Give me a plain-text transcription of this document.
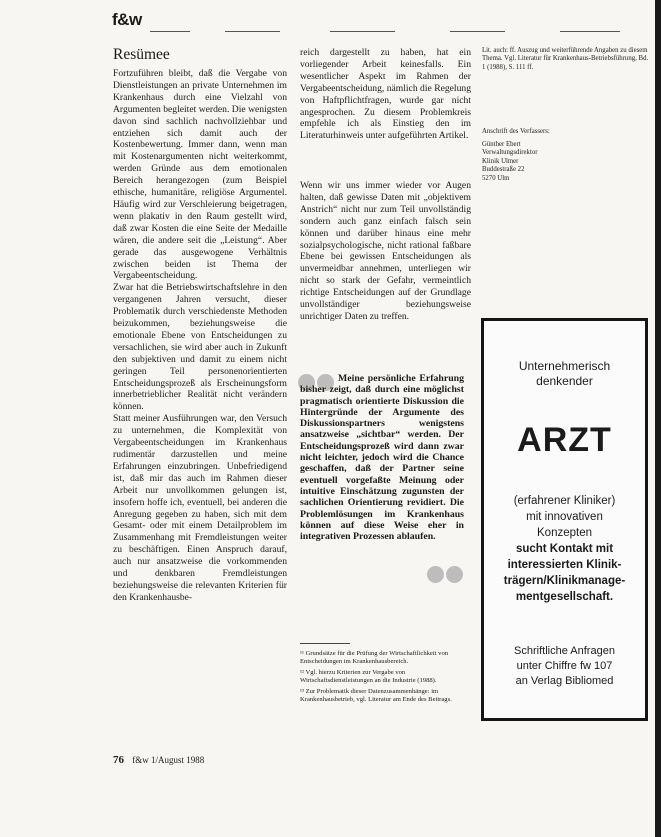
f&w
Resümee

Fortzuführen bleibt, daß die Vergabe von Dienstleistungen an private Unternehmen im Krankenhaus durch eine Vielzahl von Argumenten begleitet werden. Die wenigsten davon sind sachlich nachvollziehbar und entziehen sich damit auch der Kostenbewertung. Immer dann, wenn man mit Kostenargumenten nicht weiterkommt, werden Gründe aus dem emotionalen Bereich herangezogen (zum Beispiel ethische, humanitäre, religiöse Argumentel. Häufig wird zur Verschleierung beigetragen, wenn plakativ in den Raum gestellt wird, daß zwar Kosten die eine Seite der Medaille wären, die andere seit die „Leistung“. Aber gerade das ausgewogene Verhältnis zwischen beiden ist Thema der Vergabeentscheidung.

Zwar hat die Betriebswirtschaftslehre in den vergangenen Jahren versucht, dieser Problematik durch verschiedenste Methoden beizukommen, beziehungsweise die emotionale Ebene von Entscheidungen zu versachlichen, sie wird aber auch in Zukunft den subjektiven und damit zu einem nicht geringen Teil personenorientierten Entscheidungsprozeß als Erscheinungsform innerbetrieblicher Realität nicht verändern können.

Statt meiner Ausführungen war, den Versuch zu unternehmen, die Komplexität von Vergabeentscheidungen im Krankenhaus rudimentär darzustellen und meine Erfahrungen einzubringen. Unbefriedigend ist, daß mir das auch im Rahmen dieser Arbeit nur unvollkommen gelungen ist, insofern hoffe ich, eventuell, bei anderen die Anregung gegeben zu haben, sich mit dem Gesamt- oder mit einem Detailproblem im Zusammenhang mit Fremdleistungen weiter zu beschäftigen. Einen Anspruch darauf, auch nur ansatzweise die vorkommenden und denkbaren Fremdleistungen beziehungsweise die relevanten Kriterien für den Krankenhausbe-

reich dargestellt zu haben, hat ein vorliegender Arbeit keinesfalls. Ein wesentlicher Aspekt im Rahmen der Vergabeentscheidung, nämlich die Regelung von Haftpflichtfragen, wurde gar nicht angesprochen. Zu diesem Problemkreis empfehle ich als Einstieg den im Literaturhinweis unter aufgeführten Artikel.

Wenn wir uns immer wieder vor Augen halten, daß gewisse Daten mit „objektivem Anstrich“ nicht nur zum Teil unvollständig sondern auch ganz einfach falsch sein können und darüber hinaus eine mehr sozialpsychologische, nicht rational faßbare Ebene bei gewissen Entscheidungen als unvermeidbar annehmen, unterliegen wir nicht so stark der Gefahr, vermeintlich richtige Entscheidungen auf der Grundlage unvollständiger beziehungsweise unrichtiger Daten zu treffen.

Meine persönliche Erfahrung bisher zeigt, daß durch eine möglichst pragmatisch orientierte Diskussion die Hintergründe der Argumente des Diskussionspartners wenigstens ansatzweise „sichtbar“ werden. Der Entscheidungsprozeß wird dann zwar nicht leichter, jedoch wird die Chance geschaffen, daß der Partner seine eventuell vorgefaßte Meinung oder intuitive Einschätzung zugunsten der sachlichen Orientierung revidiert. Die Problemlösungen im Krankenhaus können auf diese Weise eher in integrativen Prozessen ablaufen.

¹¹ Grundsätze für die Prüfung der Wirtschaftlichkeit von Entscheidungen im Krankenhausbereich.

¹² Vgl. hierzu Kriterien zur Vergabe von Wirtschaftsdienstleistungen an die Industrie (1988).

¹³ Zur Problematik dieser Datenzusammenhänge: im Krankenhausbetrieb, vgl. Literatur am Ende des Beitrags.

Lit. auch: ff. Auszug und weiterführende Angaben zu diesem Thema. Vgl. Literatur für Krankenhaus-Betriebsführung, Bd. 1 (1988), S. 111 ff.
Anschrift des Verfassers:
Günther Ebert
Verwaltungsdirektor
Klinik Ulmer
Buddestraße 22
5270 Ulm
Unternehmerisch
denkender
ARZT
(erfahrener Kliniker)
mit innovativen
Konzepten
sucht Kontakt mit
interessierten Klinik-
trägern/Klinikmanage-
mentgesellschaft.
Schriftliche Anfragen
unter Chiffre fw 107
an Verlag Bibliomed
76 f&w 1/August 1988
